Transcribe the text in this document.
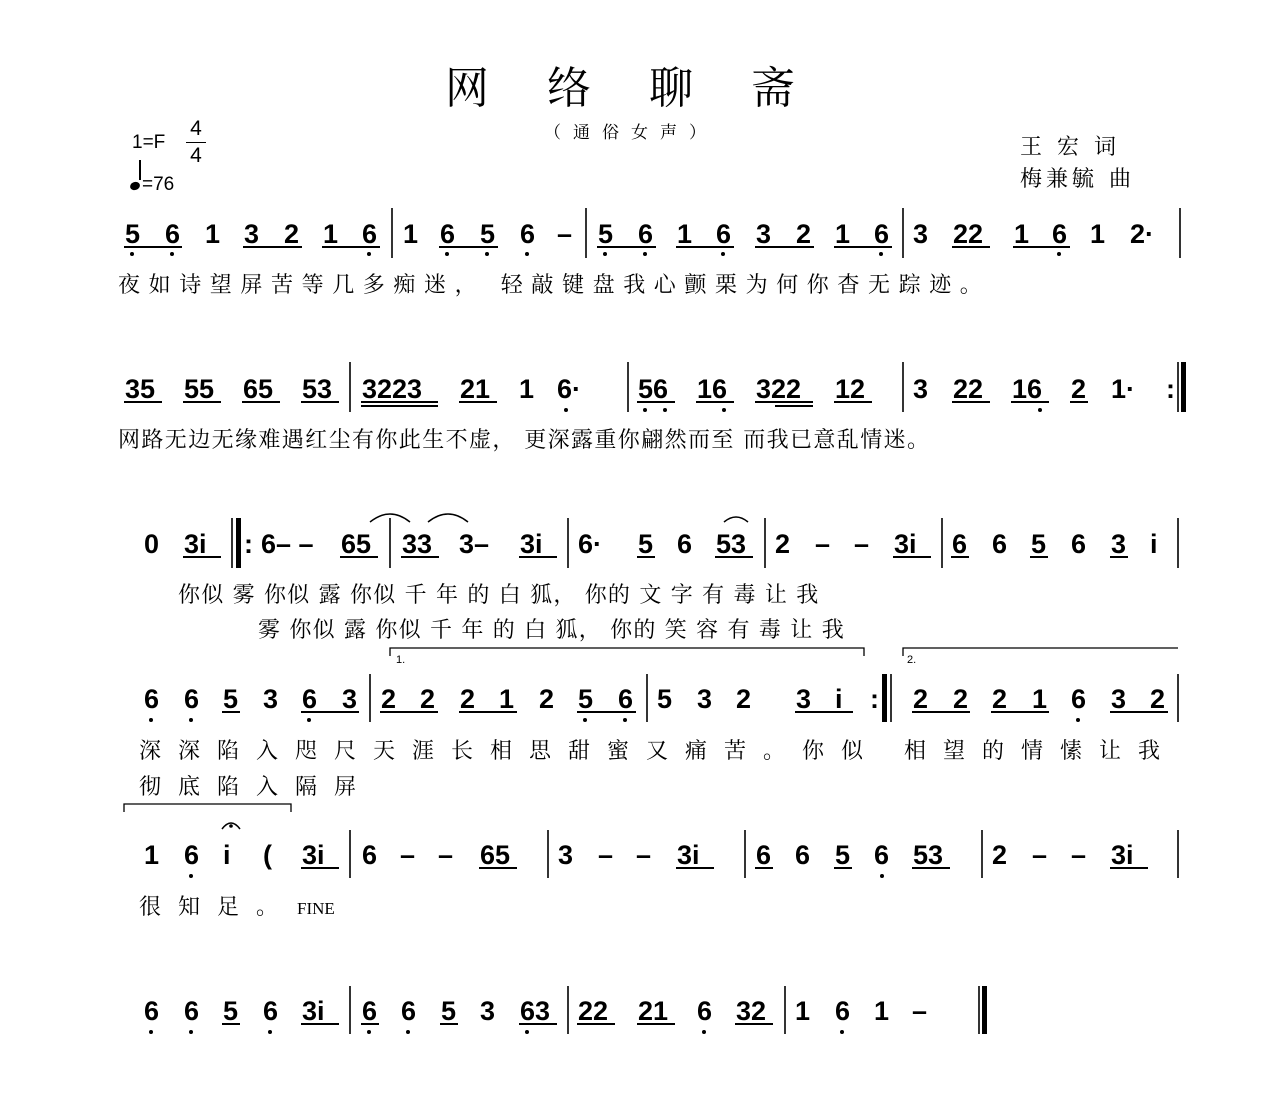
网 络 聊 斋
（通俗女声）
1=F
4
4
=76
王 宏 词
梅兼毓 曲
5 6 1 3 2 1 6 1 6 5 6 – 5 6 1 6 3 2 1 6 3 22 1 6 1 2·
夜如诗望屏苦等几多痴迷， 轻敲键盘我心颤栗为何你杳无踪迹。
35 55 65 53 3223 21 1 6· 56 16 322 12 3 22 16 2 1· :
网路无边无缘难遇红尘有你此生不虚， 更深露重你翩然而至 而我已意乱情迷。
0 3i : 6– – 65 33 3– 3i 6· 5 6 53 2 – – 3i 6 6 5 6 3 i
你似 雾 你似 露 你似 千 年 的 白 狐， 你的 文 字 有 毒 让 我
雾 你似 露 你似 千 年 的 白 狐， 你的 笑 容 有 毒 让 我
1.	2.
6 6 5 3 6 3 2 2 2 1 2 5 6 5 3 2 3 i : 2 2 2 1 6 3 2
深深陷入咫尺天涯长相思甜蜜又痛苦。你似 相望的情愫让我
彻底陷入隔屏
1 6 i ( 3i 6 – – 65 3 – – 3i 6 6 5 6 53 2 – – 3i
很知足。 FINE
6 6 5 6 3i 6 6 5 3 63 22 21 6 32 1 6 1 –
